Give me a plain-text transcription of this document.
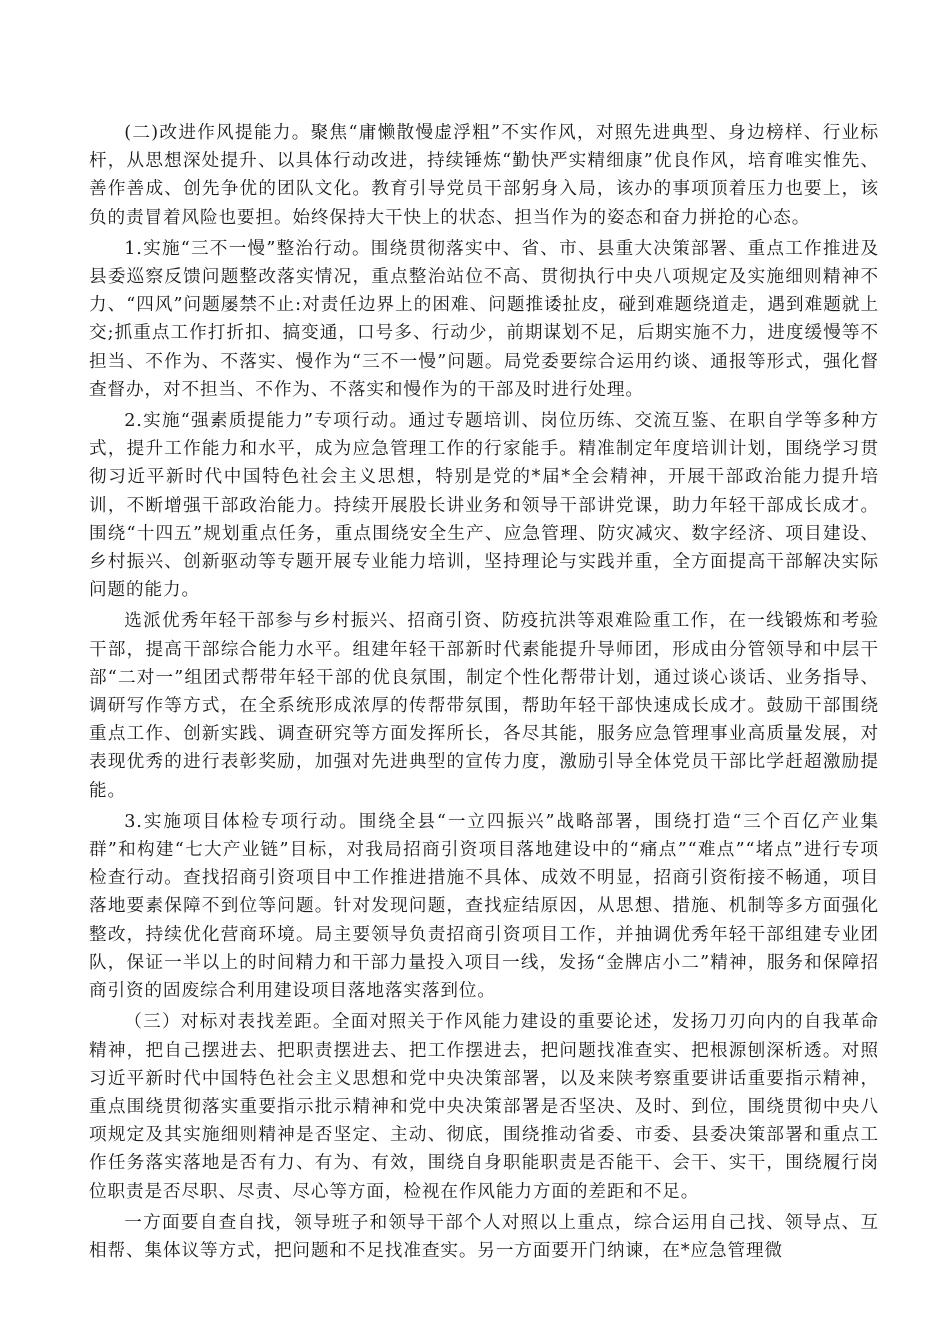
(二)改进作风提能力。聚焦“庸懒散慢虚浮粗”不实作风，对照先进典型、身边榜样、行业标杆，从思想深处提升、以具体行动改进，持续锤炼“勤快严实精细康”优良作风，培育唯实惟先、善作善成、创先争优的团队文化。教育引导党员干部躬身入局，该办的事项顶着压力也要上，该负的责冒着风险也要担。始终保持大干快上的状态、担当作为的姿态和奋力拼抢的心态。

1.实施“三不一慢”整治行动。围绕贯彻落实中、省、市、县重大决策部署、重点工作推进及县委巡察反馈问题整改落实情况，重点整治站位不高、贯彻执行中央八项规定及实施细则精神不力、“四风”问题屡禁不止:对责任边界上的困难、问题推诿扯皮，碰到难题绕道走，遇到难题就上交;抓重点工作打折扣、搞变通，口号多、行动少，前期谋划不足，后期实施不力，进度缓慢等不担当、不作为、不落实、慢作为“三不一慢”问题。局党委要综合运用约谈、通报等形式，强化督查督办，对不担当、不作为、不落实和慢作为的干部及时进行处理。

2.实施“强素质提能力”专项行动。通过专题培训、岗位历练、交流互鉴、在职自学等多种方式，提升工作能力和水平，成为应急管理工作的行家能手。精准制定年度培训计划，围绕学习贯彻习近平新时代中国特色社会主义思想，特别是党的*届*全会精神，开展干部政治能力提升培训，不断增强干部政治能力。持续开展股长讲业务和领导干部讲党课，助力年轻干部成长成才。围绕“十四五”规划重点任务，重点围绕安全生产、应急管理、防灾减灾、数字经济、项目建设、乡村振兴、创新驱动等专题开展专业能力培训，坚持理论与实践并重，全方面提高干部解决实际问题的能力。

选派优秀年轻干部参与乡村振兴、招商引资、防疫抗洪等艰难险重工作，在一线锻炼和考验干部，提高干部综合能力水平。组建年轻干部新时代素能提升导师团，形成由分管领导和中层干部“二对一”组团式帮带年轻干部的优良氛围，制定个性化帮带计划，通过谈心谈话、业务指导、调研写作等方式，在全系统形成浓厚的传帮带氛围，帮助年轻干部快速成长成才。鼓励干部围绕重点工作、创新实践、调查研究等方面发挥所长，各尽其能，服务应急管理事业高质量发展，对表现优秀的进行表彰奖励，加强对先进典型的宣传力度，激励引导全体党员干部比学赶超激励提能。

3.实施项目体检专项行动。围绕全县“一立四振兴”战略部署，围绕打造“三个百亿产业集群”和构建“七大产业链”目标，对我局招商引资项目落地建设中的“痛点”“难点”“堵点”进行专项检查行动。查找招商引资项目中工作推进措施不具体、成效不明显，招商引资衔接不畅通，项目落地要素保障不到位等问题。针对发现问题，查找症结原因，从思想、措施、机制等多方面强化整改，持续优化营商环境。局主要领导负责招商引资项目工作，并抽调优秀年轻干部组建专业团队，保证一半以上的时间精力和干部力量投入项目一线，发扬“金牌店小二”精神，服务和保障招商引资的固废综合利用建设项目落地落实落到位。

（三）对标对表找差距。全面对照关于作风能力建设的重要论述，发扬刀刃向内的自我革命精神，把自己摆进去、把职责摆进去、把工作摆进去，把问题找准查实、把根源刨深析透。对照习近平新时代中国特色社会主义思想和党中央决策部署，以及来陕考察重要讲话重要指示精神，重点围绕贯彻落实重要指示批示精神和党中央决策部署是否坚决、及时、到位，围绕贯彻中央八项规定及其实施细则精神是否坚定、主动、彻底，围绕推动省委、市委、县委决策部署和重点工作任务落实落地是否有力、有为、有效，围绕自身职能职责是否能干、会干、实干，围绕履行岗位职责是否尽职、尽责、尽心等方面，检视在作风能力方面的差距和不足。

一方面要自查自找，领导班子和领导干部个人对照以上重点，综合运用自己找、领导点、互相帮、集体议等方式，把问题和不足找准查实。另一方面要开门纳谏，在*应急管理微
